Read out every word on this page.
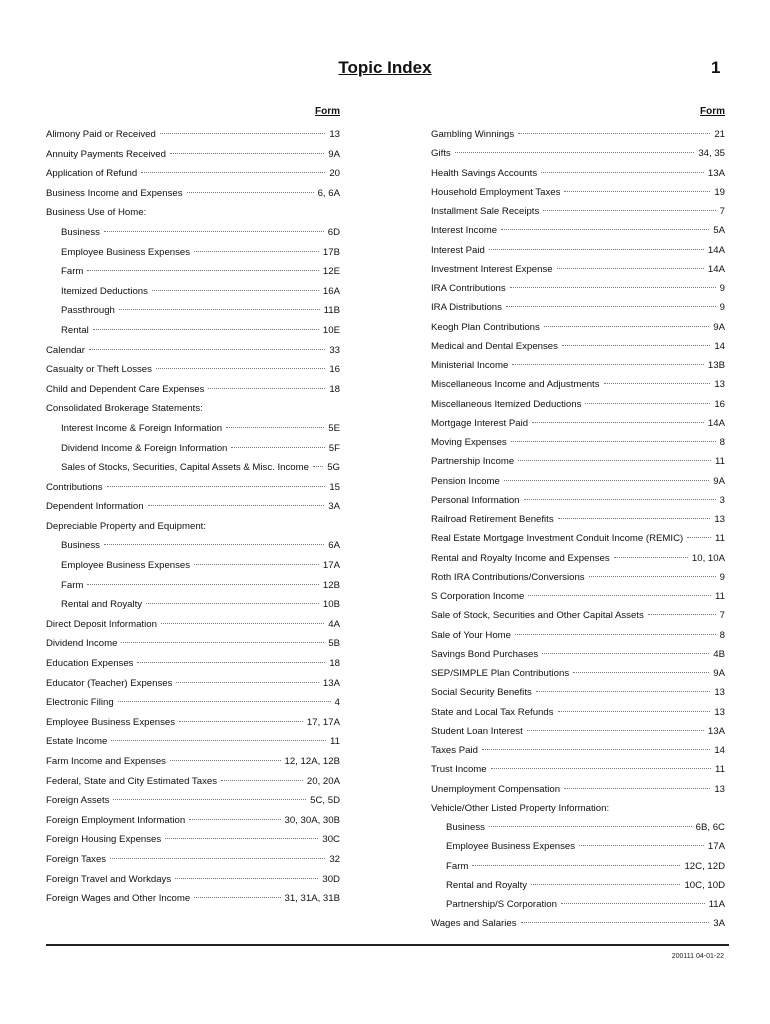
Topic Index	1
Form
Alimony Paid or Received	13
Annuity Payments Received	9A
Application of Refund	20
Business Income and Expenses	6, 6A
Business Use of Home:
Business	6D
Employee Business Expenses	17B
Farm	12E
Itemized Deductions	16A
Passthrough	11B
Rental	10E
Calendar	33
Casualty or Theft Losses	16
Child and Dependent Care Expenses	18
Consolidated Brokerage Statements:
Interest Income & Foreign Information	5E
Dividend Income & Foreign Information	5F
Sales of Stocks, Securities, Capital Assets & Misc. Income 5G
Contributions	15
Dependent Information	3A
Depreciable Property and Equipment:
Business	6A
Employee Business Expenses	17A
Farm	12B
Rental and Royalty	10B
Direct Deposit Information	4A
Dividend Income	5B
Education Expenses	18
Educator (Teacher) Expenses	13A
Electronic Filing	4
Employee Business Expenses	17, 17A
Estate Income	11
Farm Income and Expenses	12, 12A, 12B
Federal, State and City Estimated Taxes	20, 20A
Foreign Assets	5C, 5D
Foreign Employment Information	30, 30A, 30B
Foreign Housing Expenses	30C
Foreign Taxes	32
Foreign Travel and Workdays	30D
Foreign Wages and Other Income	31, 31A, 31B
Form
Gambling Winnings	21
Gifts	34, 35
Health Savings Accounts	13A
Household Employment Taxes	19
Installment Sale Receipts	7
Interest Income	5A
Interest Paid	14A
Investment Interest Expense	14A
IRA Contributions	9
IRA Distributions	9
Keogh Plan Contributions	9A
Medical and Dental Expenses	14
Ministerial Income	13B
Miscellaneous Income and Adjustments	13
Miscellaneous Itemized Deductions	16
Mortgage Interest Paid	14A
Moving Expenses	8
Partnership Income	11
Pension Income	9A
Personal Information	3
Railroad Retirement Benefits	13
Real Estate Mortgage Investment Conduit Income (REMIC)	11
Rental and Royalty Income and Expenses	10, 10A
Roth IRA Contributions/Conversions	9
S Corporation Income	11
Sale of Stock, Securities and Other Capital Assets	7
Sale of Your Home	8
Savings Bond Purchases	4B
SEP/SIMPLE Plan Contributions	9A
Social Security Benefits	13
State and Local Tax Refunds	13
Student Loan Interest	13A
Taxes Paid	14
Trust Income	11
Unemployment Compensation	13
Vehicle/Other Listed Property Information:
Business	6B, 6C
Employee Business Expenses	17A
Farm	12C, 12D
Rental and Royalty	10C, 10D
Partnership/S Corporation	11A
Wages and Salaries	3A
200111 04-01-22
